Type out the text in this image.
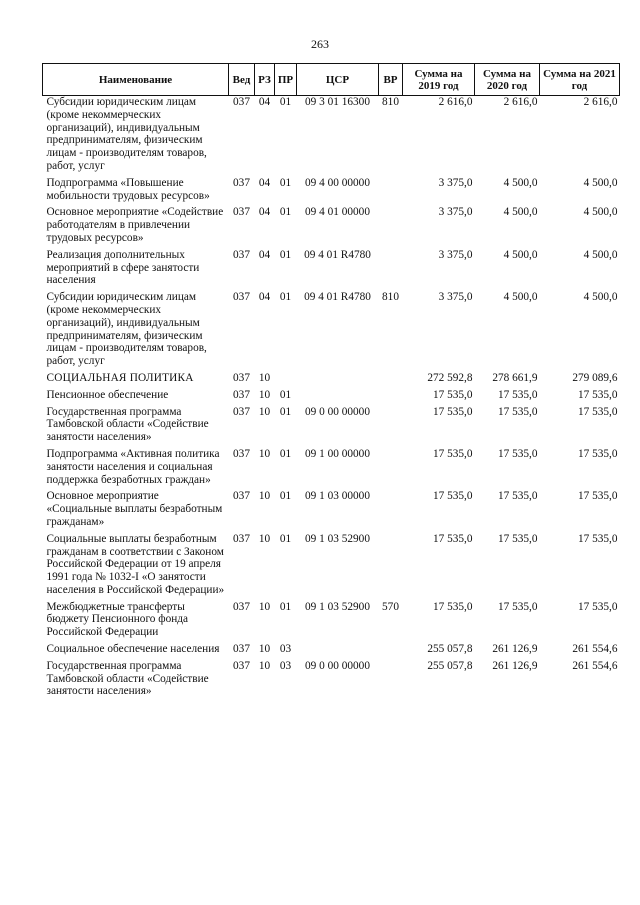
263
Наименование	Вед	РЗ	ПР	ЦСР	ВР	Сумма на 2019 год	Сумма на 2020 год	Сумма на 2021 год
Субсидии юридическим лицам (кроме некоммерческих организаций), индивидуальным предпринимателям, физическим лицам - производителям товаров, работ, услуг	037	04	01	09 3 01 16300	810	2 616,0	2 616,0	2 616,0
Подпрограмма «Повышение мобильности трудовых ресурсов»	037	04	01	09 4 00 00000		3 375,0	4 500,0	4 500,0
Основное мероприятие «Содействие работодателям в привлечении трудовых ресурсов»	037	04	01	09 4 01 00000		3 375,0	4 500,0	4 500,0
Реализация дополнительных мероприятий в сфере занятости населения	037	04	01	09 4 01 R4780		3 375,0	4 500,0	4 500,0
Субсидии юридическим лицам (кроме некоммерческих организаций), индивидуальным предпринимателям, физическим лицам - производителям товаров, работ, услуг	037	04	01	09 4 01 R4780	810	3 375,0	4 500,0	4 500,0
СОЦИАЛЬНАЯ ПОЛИТИКА	037	10				272 592,8	278 661,9	279 089,6
Пенсионное обеспечение	037	10	01			17 535,0	17 535,0	17 535,0
Государственная программа Тамбовской области «Содействие занятости населения»	037	10	01	09 0 00 00000		17 535,0	17 535,0	17 535,0
Подпрограмма «Активная политика занятости населения и социальная поддержка безработных граждан»	037	10	01	09 1 00 00000		17 535,0	17 535,0	17 535,0
Основное мероприятие «Социальные выплаты безработным гражданам»	037	10	01	09 1 03 00000		17 535,0	17 535,0	17 535,0
Социальные выплаты безработным гражданам в соответствии с Законом Российской Федерации от 19 апреля 1991 года № 1032-I «О занятости населения в Российской Федерации»	037	10	01	09 1 03 52900		17 535,0	17 535,0	17 535,0
Межбюджетные трансферты бюджету Пенсионного фонда Российской Федерации	037	10	01	09 1 03 52900	570	17 535,0	17 535,0	17 535,0
Социальное обеспечение населения	037	10	03			255 057,8	261 126,9	261 554,6
Государственная программа Тамбовской области «Содействие занятости населения»	037	10	03	09 0 00 00000		255 057,8	261 126,9	261 554,6
